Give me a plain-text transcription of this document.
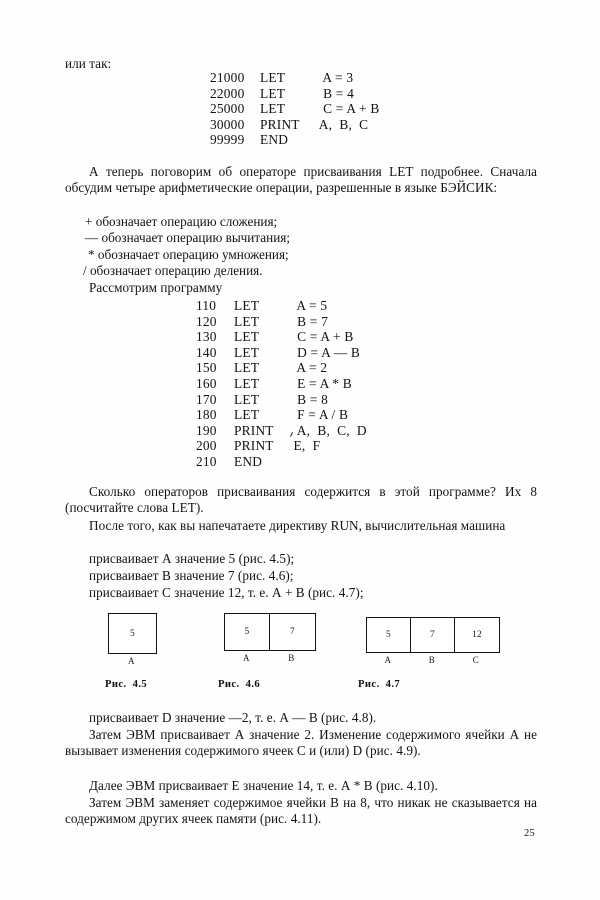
или так:

21000 LET  A = 3
22000 LET  B = 4
25000 LET  C = A + B
30000 PRINT A,  B,  C
99999 END

А теперь поговорим об операторе присваивания LET подробнее. Сначала обсудим четыре арифметические операции, разрешенные в языке БЭЙСИК:

+ обозначает операцию сложения;
— обозначает операцию вычитания;
* обозначает операцию умножения;
/ обозначает операцию деления.

Рассмотрим программу

110 LET  A = 5
120 LET  B = 7
130 LET  C = A + B
140 LET  D = A — B
150 LET  A = 2
160 LET  E = A * B
170 LET  B = 8
180 LET  F = A / B
190 PRINT A,  B,  C,  D
200 PRINT E,  F
210 END

Сколько операторов присваивания содержится в этой программе? Их 8 (посчитайте слова LET).

После того, как вы напечатаете директиву RUN, вычислительная машина

присваивает А значение 5 (рис. 4.5);

присваивает В значение 7 (рис. 4.6);

присваивает С значение 12, т. е. А + В (рис. 4.7);

5
A
5	7
A	B
5	7	12
A	B	C
Рис.  4.5	Рис.  4.6	Рис.  4.7

присваивает D значение —2, т. е. А — В (рис. 4.8).

Затем ЭВМ присваивает А значение 2. Изменение содержимого ячейки А не вызывает изменения содержимого ячеек С и (или) D (рис. 4.9).

Далее ЭВМ присваивает Е значение 14, т. е. А * В (рис. 4.10).

Затем ЭВМ заменяет содержимое ячейки В на 8, что никак не сказывается на содержимом других ячеек памяти (рис. 4.11).

25
